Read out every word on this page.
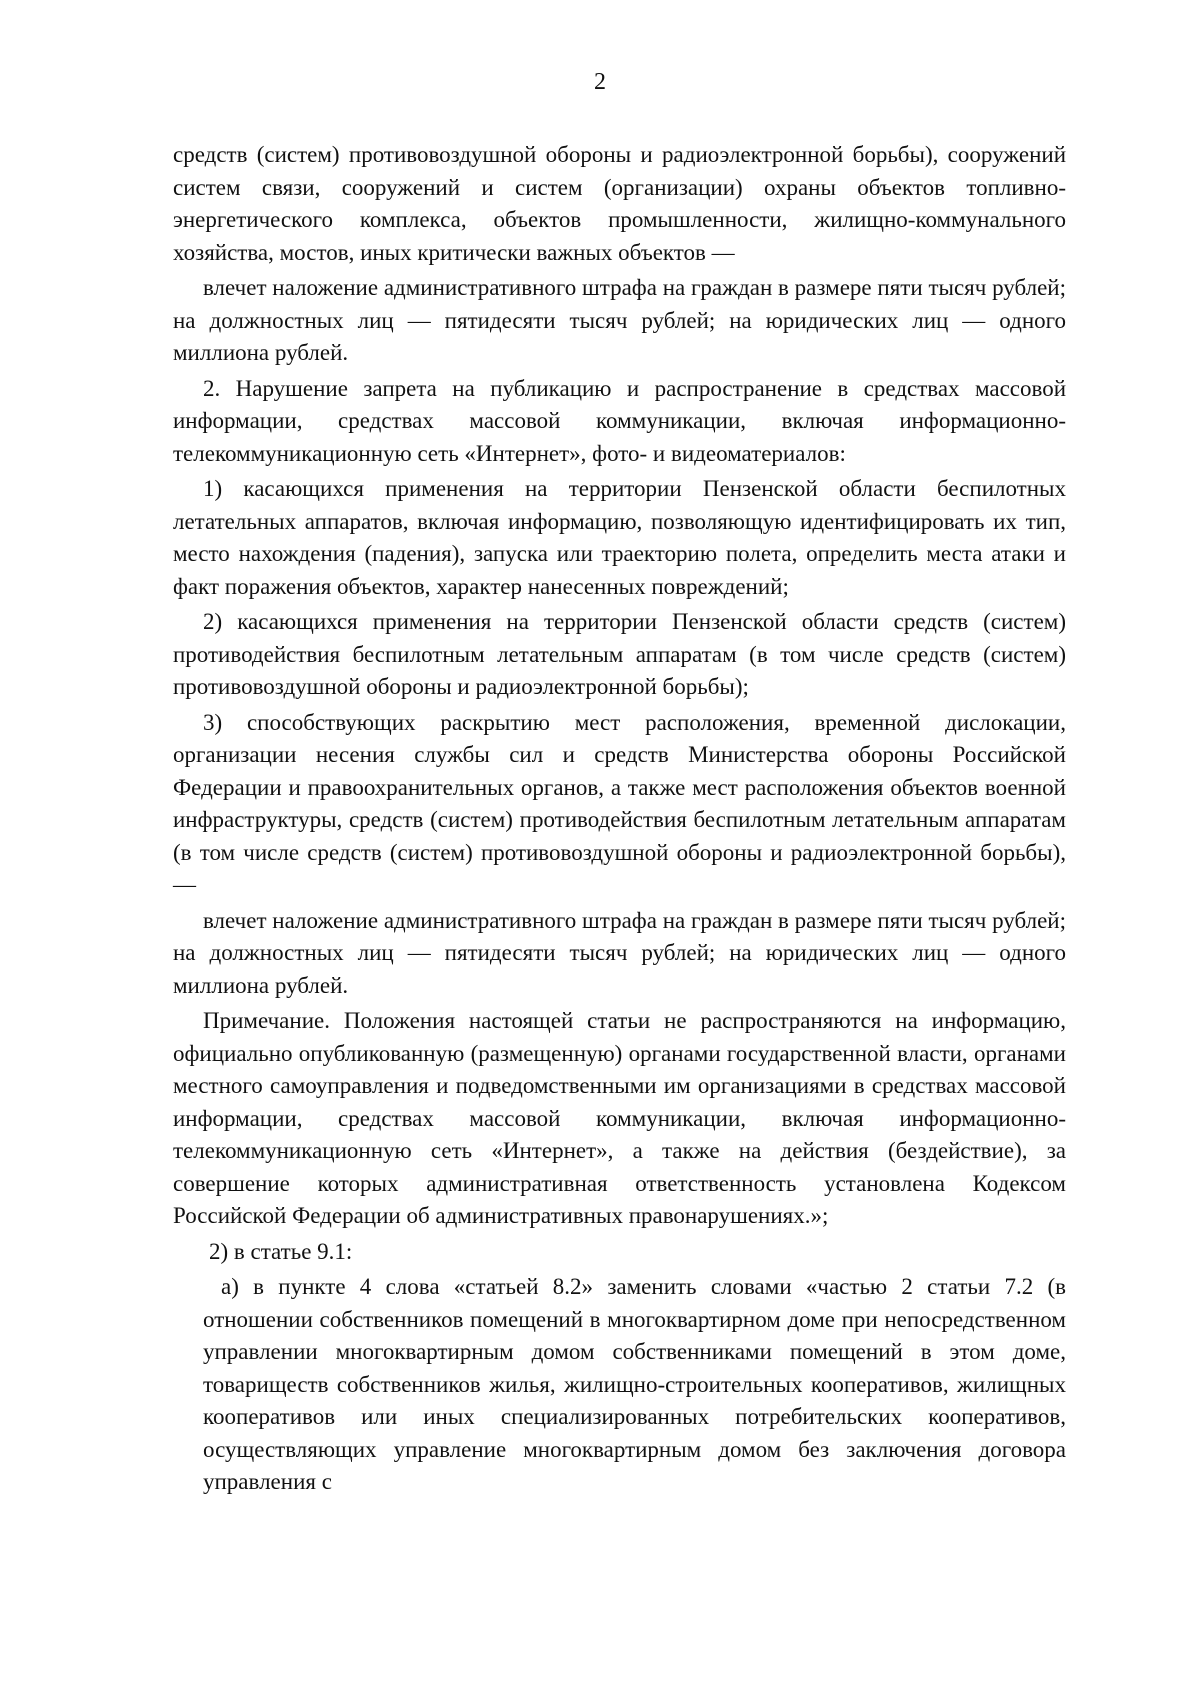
2

средств (систем) противовоздушной обороны и радиоэлектронной борьбы), сооружений систем связи, сооружений и систем (организации) охраны объектов топливно-энергетического комплекса, объектов промышленности, жилищно-коммунального хозяйства, мостов, иных критически важных объектов —

влечет наложение административного штрафа на граждан в размере пяти тысяч рублей; на должностных лиц — пятидесяти тысяч рублей; на юридических лиц — одного миллиона рублей.

2. Нарушение запрета на публикацию и распространение в средствах массовой информации, средствах массовой коммуникации, включая информационно-телекоммуникационную сеть «Интернет», фото- и видеоматериалов:

1) касающихся применения на территории Пензенской области беспилотных летательных аппаратов, включая информацию, позволяющую идентифицировать их тип, место нахождения (падения), запуска или траекторию полета, определить места атаки и факт поражения объектов, характер нанесенных повреждений;

2) касающихся применения на территории Пензенской области средств (систем) противодействия беспилотным летательным аппаратам (в том числе средств (систем) противовоздушной обороны и радиоэлектронной борьбы);

3) способствующих раскрытию мест расположения, временной дислокации, организации несения службы сил и средств Министерства обороны Российской Федерации и правоохранительных органов, а также мест расположения объектов военной инфраструктуры, средств (систем) противодействия беспилотным летательным аппаратам (в том числе средств (систем) противовоздушной обороны и радиоэлектронной борьбы), —

влечет наложение административного штрафа на граждан в размере пяти тысяч рублей; на должностных лиц — пятидесяти тысяч рублей; на юридических лиц — одного миллиона рублей.

Примечание. Положения настоящей статьи не распространяются на информацию, официально опубликованную (размещенную) органами государственной власти, органами местного самоуправления и подведомственными им организациями в средствах массовой информации, средствах массовой коммуникации, включая информационно-телекоммуникационную сеть «Интернет», а также на действия (бездействие), за совершение которых административная ответственность установлена Кодексом Российской Федерации об административных правонарушениях.»;

2) в статье 9.1:

а) в пункте 4 слова «статьей 8.2» заменить словами «частью 2 статьи 7.2 (в отношении собственников помещений в многоквартирном доме при непосредственном управлении многоквартирным домом собственниками помещений в этом доме, товариществ собственников жилья, жилищно-строительных кооперативов, жилищных кооперативов или иных специализированных потребительских кооперативов, осуществляющих управление многоквартирным домом без заключения договора управления с
